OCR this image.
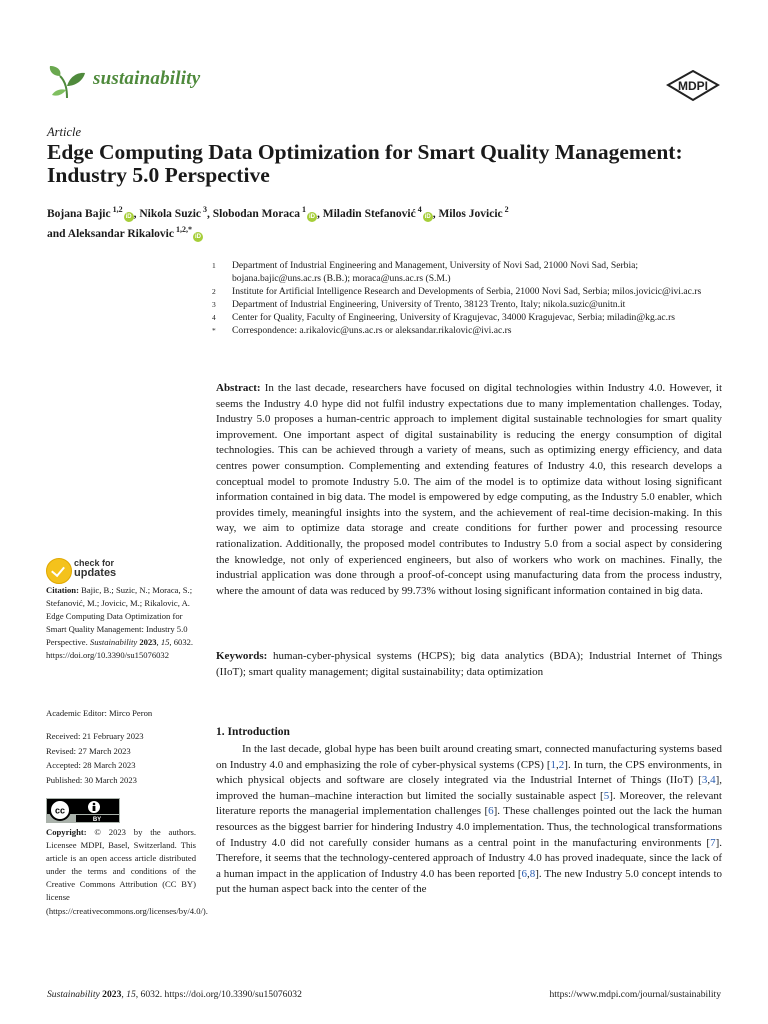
sustainability	MDPI
Article
Edge Computing Data Optimization for Smart Quality Management: Industry 5.0 Perspective
Bojana Bajic $^{1,2}$iD , Nikola Suzic $^3$, Slobodan Moraca $^1$iD , Miladin Stefanović $^4$iD , Milos Jovicic $^2$
and Aleksandar Rikalovic $^{1,2,*}$iD
1	Department of Industrial Engineering and Management, University of Novi Sad, 21000 Novi Sad, Serbia; bojana.bajic@uns.ac.rs (B.B.); moraca@uns.ac.rs (S.M.)
2	Institute for Artificial Intelligence Research and Developments of Serbia, 21000 Novi Sad, Serbia; milos.jovicic@ivi.ac.rs
3	Department of Industrial Engineering, University of Trento, 38123 Trento, Italy; nikola.suzic@unitn.it
4	Center for Quality, Faculty of Engineering, University of Kragujevac, 34000 Kragujevac, Serbia; miladin@kg.ac.rs
*	Correspondence: a.rikalovic@uns.ac.rs or aleksandar.rikalovic@ivi.ac.rs
Abstract: In the last decade, researchers have focused on digital technologies within Industry 4.0. However, it seems the Industry 4.0 hype did not fulfil industry expectations due to many implementation challenges. Today, Industry 5.0 proposes a human-centric approach to implement digital sustainable technologies for smart quality improvement. One important aspect of digital sustainability is reducing the energy consumption of digital technologies. This can be achieved through a variety of means, such as optimizing energy efficiency, and data centres power consumption. Complementing and extending features of Industry 4.0, this research develops a conceptual model to promote Industry 5.0. The aim of the model is to optimize data without losing significant information contained in big data. The model is empowered by edge computing, as the Industry 5.0 enabler, which provides timely, meaningful insights into the system, and the achievement of real-time decision-making. In this way, we aim to optimize data storage and create conditions for further power and processing resource rationalization. Additionally, the proposed model contributes to Industry 5.0 from a social aspect by considering the knowledge, not only of experienced engineers, but also of workers who work on machines. Finally, the industrial application was done through a proof-of-concept using manufacturing data from the process industry, where the amount of data was reduced by 99.73% without losing significant information contained in big data.
Keywords: human-cyber-physical systems (HCPS); big data analytics (BDA); Industrial Internet of Things (IIoT); smart quality management; digital sustainability; data optimization
check for
updates
Citation: Bajic, B.; Suzic, N.; Moraca, S.; Stefanović, M.; Jovicic, M.; Rikalovic, A. Edge Computing Data Optimization for Smart Quality Management: Industry 5.0 Perspective. Sustainability 2023, 15, 6032. https://doi.org/10.3390/su15076032
Academic Editor: Mirco Peron
Received: 21 February 2023
Revised: 27 March 2023
Accepted: 28 March 2023
Published: 30 March 2023
cc
BY
Copyright: © 2023 by the authors. Licensee MDPI, Basel, Switzerland. This article is an open access article distributed under the terms and conditions of the Creative Commons Attribution (CC BY) license (https://creativecommons.org/licenses/by/4.0/).
1. Introduction
In the last decade, global hype has been built around creating smart, connected manufacturing systems based on Industry 4.0 and emphasizing the role of cyber-physical systems (CPS) [1,2]. In turn, the CPS environments, in which physical objects and software are closely integrated via the Industrial Internet of Things (IIoT) [3,4], improved the human–machine interaction but limited the socially sustainable aspect [5]. Moreover, the relevant literature reports the managerial implementation challenges [6]. These challenges pointed out the lack the human resources as the biggest barrier for hindering Industry 4.0 implementation. Thus, the technological transformations of Industry 4.0 did not carefully consider humans as a central point in the manufacturing environments [7]. Therefore, it seems that the technology-centered approach of Industry 4.0 has proved inadequate, since the lack of a human impact in the application of Industry 4.0 has been reported [6,8]. The new Industry 5.0 concept intends to put the human aspect back into the center of the
Sustainability 2023, 15, 6032. https://doi.org/10.3390/su15076032	https://www.mdpi.com/journal/sustainability
